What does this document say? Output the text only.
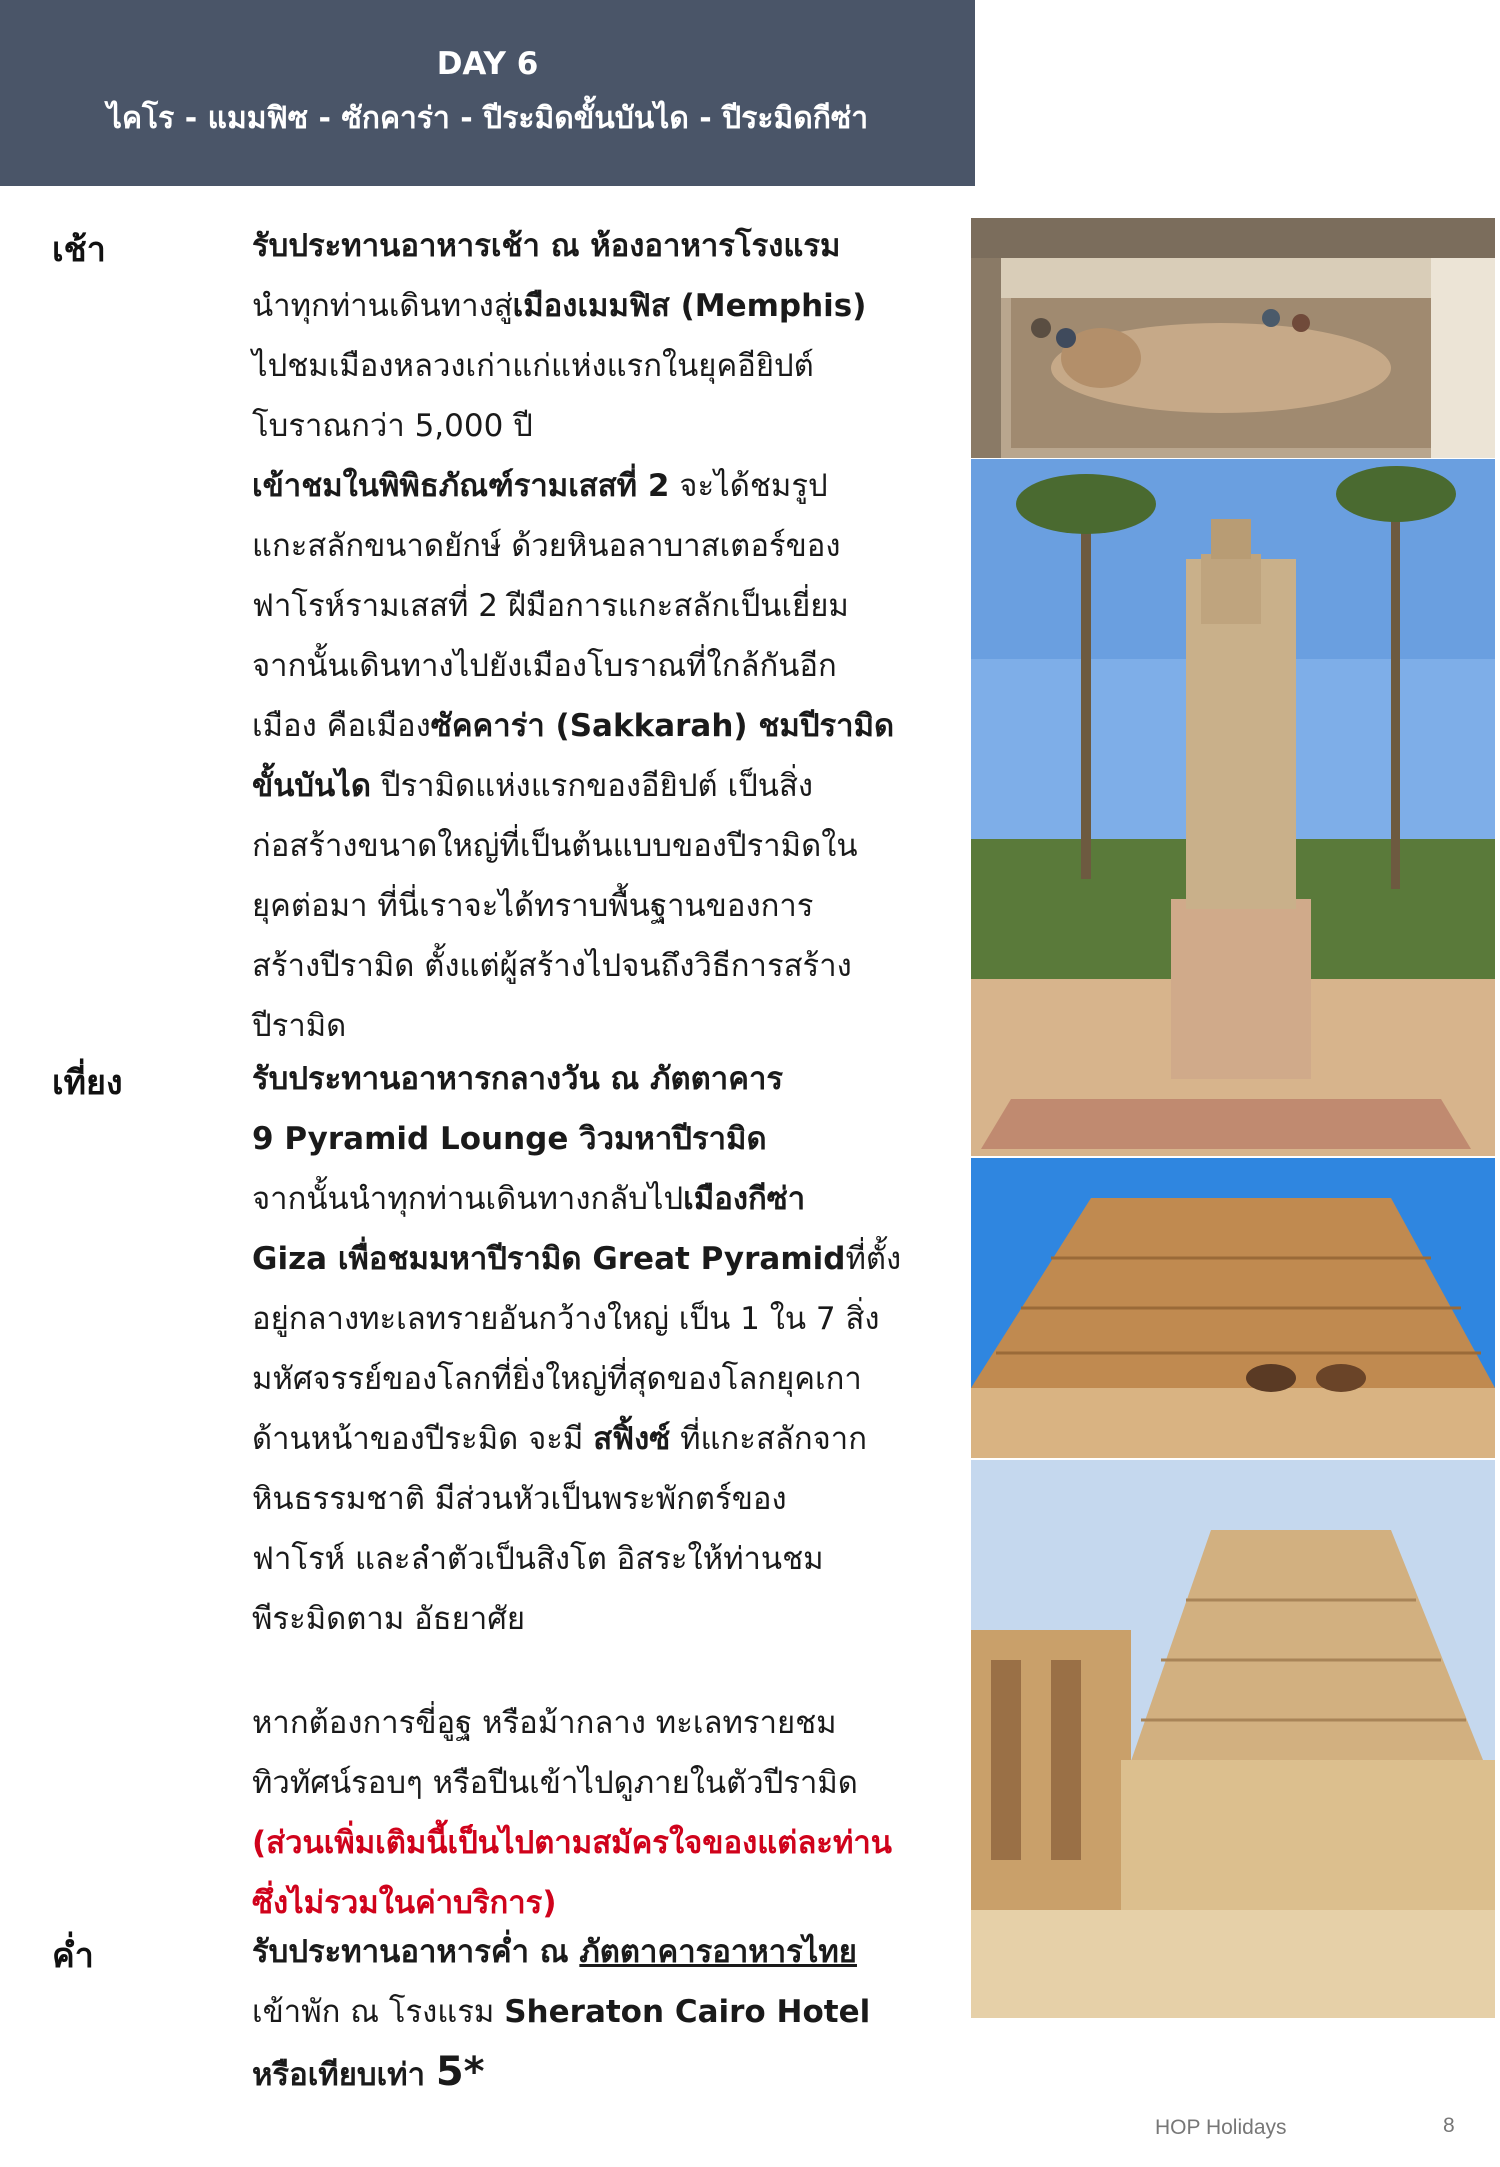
DAY 6
ไคโร - แมมฟิซ - ซักคาร่า - ปีระมิดขั้นบันได - ปีระมิดกีซ่า
เช้า	รับประทานอาหารเช้า ณ ห้องอาหารโรงแรม

นำทุกท่านเดินทางสู่เมืองเมมฟิส (Memphis)

ไปชมเมืองหลวงเก่าแก่แห่งแรกในยุคอียิปต์

โบราณกว่า 5,000 ปี

เข้าชมในพิพิธภัณฑ์รามเสสที่ 2 จะได้ชมรูป

แกะสลักขนาดยักษ์ ด้วยหินอลาบาสเตอร์ของ

ฟาโรห์รามเสสที่ 2 ฝีมือการแกะสลักเป็นเยี่ยม

จากนั้นเดินทางไปยังเมืองโบราณที่ใกล้กันอีก

เมือง คือเมืองซัคคาร่า (Sakkarah) ชมปีรามิด

ขั้นบันได ปีรามิดแห่งแรกของอียิปต์ เป็นสิ่ง

ก่อสร้างขนาดใหญ่ที่เป็นต้นแบบของปีรามิดใน

ยุคต่อมา ที่นี่เราจะได้ทราบพื้นฐานของการ

สร้างปีรามิด ตั้งแต่ผู้สร้างไปจนถึงวิธีการสร้าง

ปีรามิด

เที่ยง	รับประทานอาหารกลางวัน ณ ภัตตาคาร

9 Pyramid Lounge วิวมหาปีรามิด

จากนั้นนำทุกท่านเดินทางกลับไปเมืองกีซ่า

Giza เพื่อชมมหาปีรามิด Great Pyramidที่ตั้ง

อยู่กลางทะเลทรายอันกว้างใหญ่ เป็น 1 ใน 7 สิ่ง

มหัศจรรย์ของโลกที่ยิ่งใหญ่ที่สุดของโลกยุคเกา

ด้านหน้าของปีระมิด จะมี สฟิ้งซ์ ที่แกะสลักจาก

หินธรรมชาติ มีส่วนหัวเป็นพระพักตร์ของ

ฟาโรห์ และลำตัวเป็นสิงโต อิสระให้ท่านชม

พีระมิดตาม อัธยาศัย

หากต้องการขี่อูฐ หรือม้ากลาง ทะเลทรายชม

ทิวทัศน์รอบๆ หรือปีนเข้าไปดูภายในตัวปีรามิด

(ส่วนเพิ่มเติมนี้เป็นไปตามสมัครใจของแต่ละท่าน

ซึ่งไม่รวมในค่าบริการ)

ค่ำ	รับประทานอาหารค่ำ ณ ภัตตาคารอาหารไทย

เข้าพัก ณ โรงแรม Sheraton Cairo Hotel

หรือเทียบเท่า 5*

HOP Holidays	8
